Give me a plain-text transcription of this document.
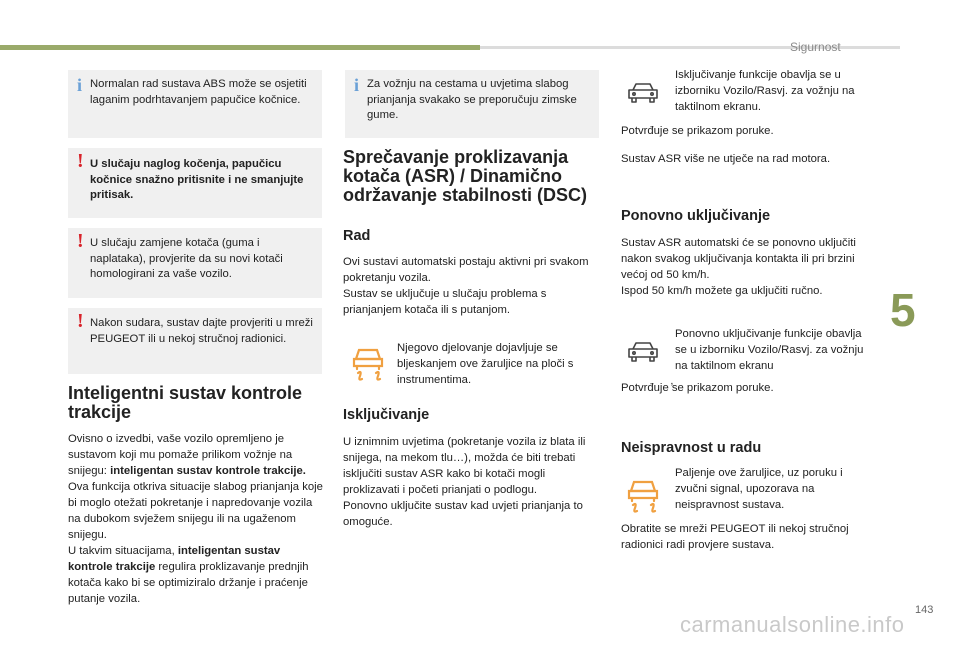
Sigurnost
5
143
carmanualsonline.info
i Normalan rad sustava ABS može se osjetiti laganim podrhtavanjem papučice kočnice.
! U slučaju naglog kočenja, papučicu kočnice snažno pritisnite i ne smanjujte pritisak.
! U slučaju zamjene kotača (guma i naplataka), provjerite da su novi kotači homologirani za vaše vozilo.
! Nakon sudara, sustav dajte provjeriti u mreži PEUGEOT ili u nekoj stručnoj radionici.
Inteligentni sustav kontrole trakcije
Ovisno o izvedbi, vaše vozilo opremljeno je sustavom koji mu pomaže prilikom vožnje na snijegu: inteligentan sustav kontrole trakcije.
Ova funkcija otkriva situacije slabog prianjanja koje bi moglo otežati pokretanje i napredovanje vozila na dubokom svježem snijegu ili na ugaženom snijegu.
U takvim situacijama, inteligentan sustav kontrole trakcije regulira proklizavanje prednjih kotača kako bi se optimiziralo držanje i praćenje putanje vozila.
i Za vožnju na cestama u uvjetima slabog prianjanja svakako se preporučuju zimske gume.
Sprečavanje proklizavanja kotača (ASR) / Dinamično održavanje stabilnosti (DSC)
Rad
Ovi sustavi automatski postaju aktivni pri svakom pokretanju vozila.
Sustav se uključuje u slučaju problema s prianjanjem kotača ili s putanjom.
Njegovo djelovanje dojavljuje se bljeskanjem ove žaruljice na ploči s instrumentima.
Isključivanje
U iznimnim uvjetima (pokretanje vozila iz blata ili snijega, na mekom tlu…), možda će biti trebati isključiti sustav ASR kako bi kotači mogli proklizavati i početi prianjati o podlogu.
Ponovno uključite sustav kad uvjeti prianjanja to omoguće.
Isključivanje funkcije obavlja se u izborniku Vozilo/Rasvj. za vožnju na taktilnom ekranu.
Potvrđuje se prikazom poruke.
Sustav ASR više ne utječe na rad motora.
Ponovno uključivanje
Sustav ASR automatski će se ponovno uključiti nakon svakog uključivanja kontakta ili pri brzini većoj od 50 km/h.
Ispod 50 km/h možete ga uključiti ručno.
Ponovno uključivanje funkcije obavlja se u izborniku Vozilo/Rasvj. za vožnju na taktilnom ekranu
Potvrđuje ̕se prikazom poruke.
Neispravnost u radu
Paljenje ove žaruljice, uz poruku i zvučni signal, upozorava na neispravnost sustava.
Obratite se mreži PEUGEOT ili nekoj stručnoj radionici radi provjere sustava.
